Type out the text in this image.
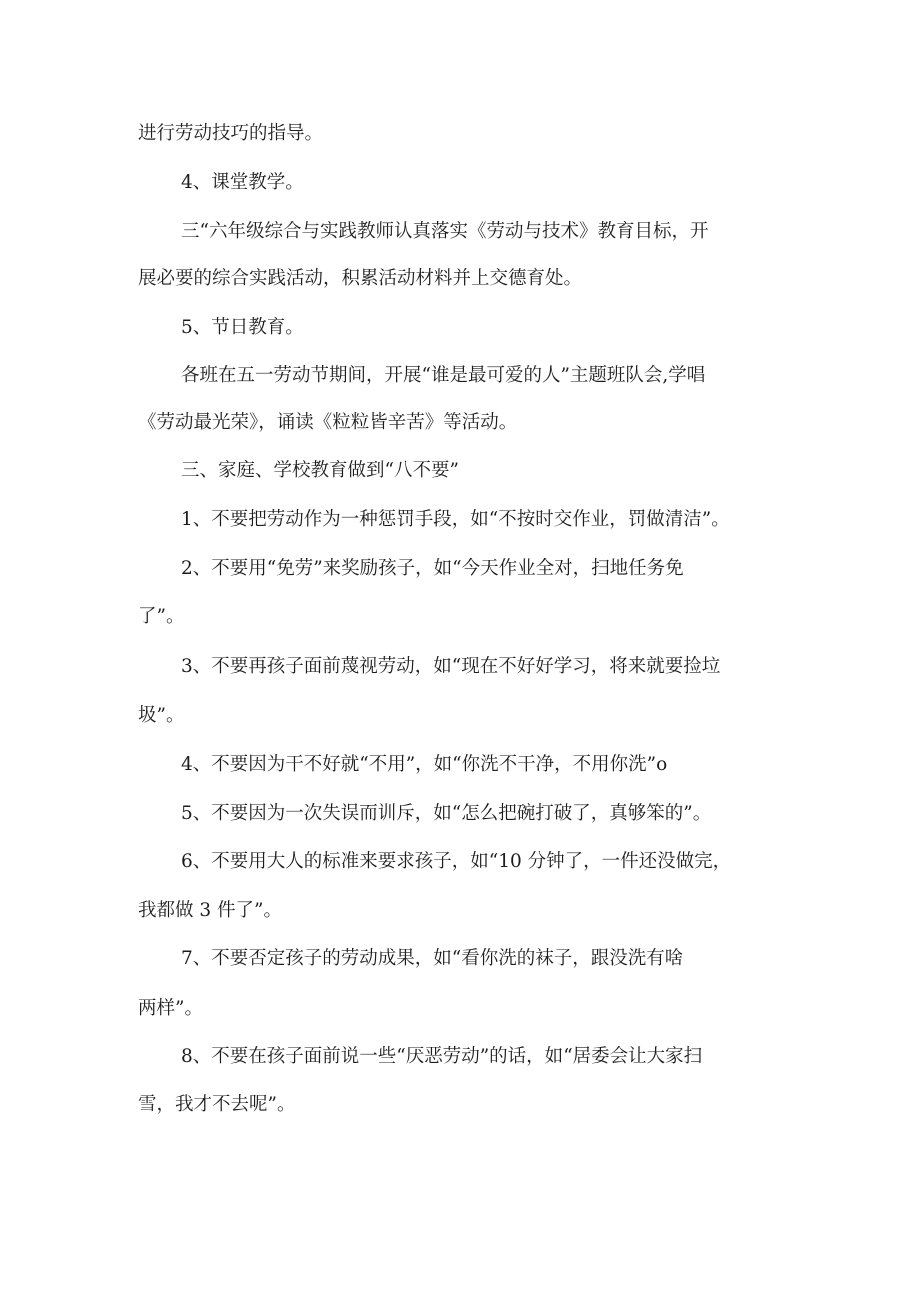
进行劳动技巧的指导。
4、课堂教学。
三“六年级综合与实践教师认真落实《劳动与技术》教育目标，开
展必要的综合实践活动，积累活动材料并上交德育处。
5、节日教育。
各班在五一劳动节期间，开展“谁是最可爱的人”主题班队会,学唱
《劳动最光荣》，诵读《粒粒皆辛苦》等活动。
三、家庭、学校教育做到“八不要”
1、不要把劳动作为一种惩罚手段，如“不按时交作业，罚做清洁”。
2、不要用“免劳”来奖励孩子，如“今天作业全对，扫地任务免
了”。
3、不要再孩子面前蔑视劳动，如“现在不好好学习，将来就要捡垃
圾”。
4、不要因为干不好就“不用”，如“你洗不干净，不用你洗”o
5、不要因为一次失误而训斥，如“怎么把碗打破了，真够笨的”。
6、不要用大人的标准来要求孩子，如“10 分钟了，一件还没做完，
我都做 3 件了”。
7、不要否定孩子的劳动成果，如“看你洗的袜子，跟没洗有啥
两样”。
8、不要在孩子面前说一些“厌恶劳动”的话，如“居委会让大家扫
雪，我才不去呢”。
